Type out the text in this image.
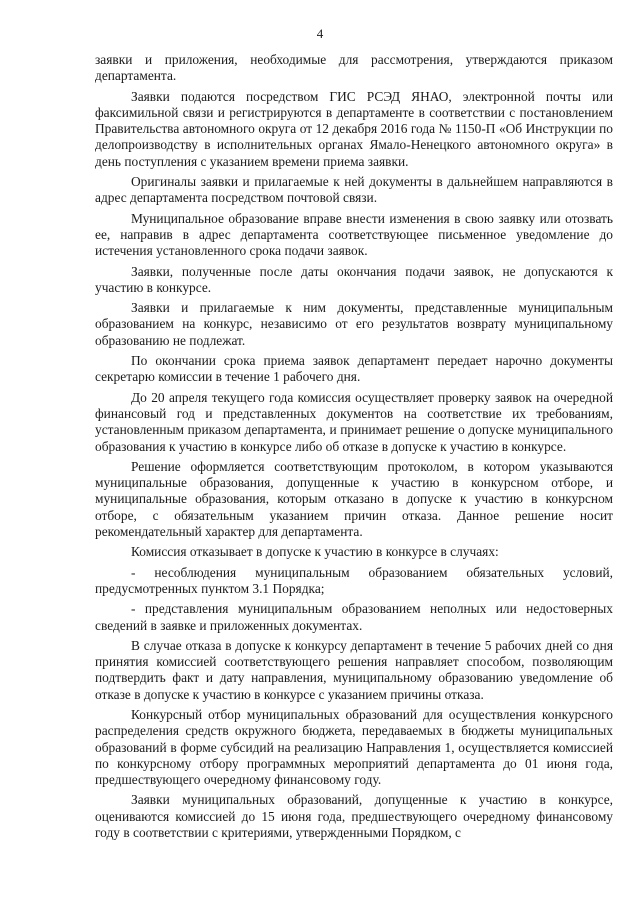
4

заявки и приложения, необходимые для рассмотрения, утверждаются приказом департамента.

Заявки подаются посредством ГИС РСЭД ЯНАО, электронной почты или факсимильной связи и регистрируются в департаменте в соответствии с постановлением Правительства автономного округа от 12 декабря 2016 года № 1150-П «Об Инструкции по делопроизводству в исполнительных органах Ямало-Ненецкого автономного округа» в день поступления с указанием времени приема заявки.

Оригиналы заявки и прилагаемые к ней документы в дальнейшем направляются в адрес департамента посредством почтовой связи.

Муниципальное образование вправе внести изменения в свою заявку или отозвать ее, направив в адрес департамента соответствующее письменное уведомление до истечения установленного срока подачи заявок.

Заявки, полученные после даты окончания подачи заявок, не допускаются к участию в конкурсе.

Заявки и прилагаемые к ним документы, представленные муниципальным образованием на конкурс, независимо от его результатов возврату муниципальному образованию не подлежат.

По окончании срока приема заявок департамент передает нарочно документы секретарю комиссии в течение 1 рабочего дня.

До 20 апреля текущего года комиссия осуществляет проверку заявок на очередной финансовый год и представленных документов на соответствие их требованиям, установленным приказом департамента, и принимает решение о допуске муниципального образования к участию в конкурсе либо об отказе в допуске к участию в конкурсе.

Решение оформляется соответствующим протоколом, в котором указываются муниципальные образования, допущенные к участию в конкурсном отборе, и муниципальные образования, которым отказано в допуске к участию в конкурсном отборе, с обязательным указанием причин отказа. Данное решение носит рекомендательный характер для департамента.

Комиссия отказывает в допуске к участию в конкурсе в случаях:

- несоблюдения муниципальным образованием обязательных условий, предусмотренных пунктом 3.1 Порядка;

- представления муниципальным образованием неполных или недостоверных сведений в заявке и приложенных документах.

В случае отказа в допуске к конкурсу департамент в течение 5 рабочих дней со дня принятия комиссией соответствующего решения направляет способом, позволяющим подтвердить факт и дату направления, муниципальному образованию уведомление об отказе в допуске к участию в конкурсе с указанием причины отказа.

Конкурсный отбор муниципальных образований для осуществления конкурсного распределения средств окружного бюджета, передаваемых в бюджеты муниципальных образований в форме субсидий на реализацию Направления 1, осуществляется комиссией по конкурсному отбору программных мероприятий департамента до 01 июня года, предшествующего очередному финансовому году.

Заявки муниципальных образований, допущенные к участию в конкурсе, оцениваются комиссией до 15 июня года, предшествующего очередному финансовому году в соответствии с критериями, утвержденными Порядком, с
